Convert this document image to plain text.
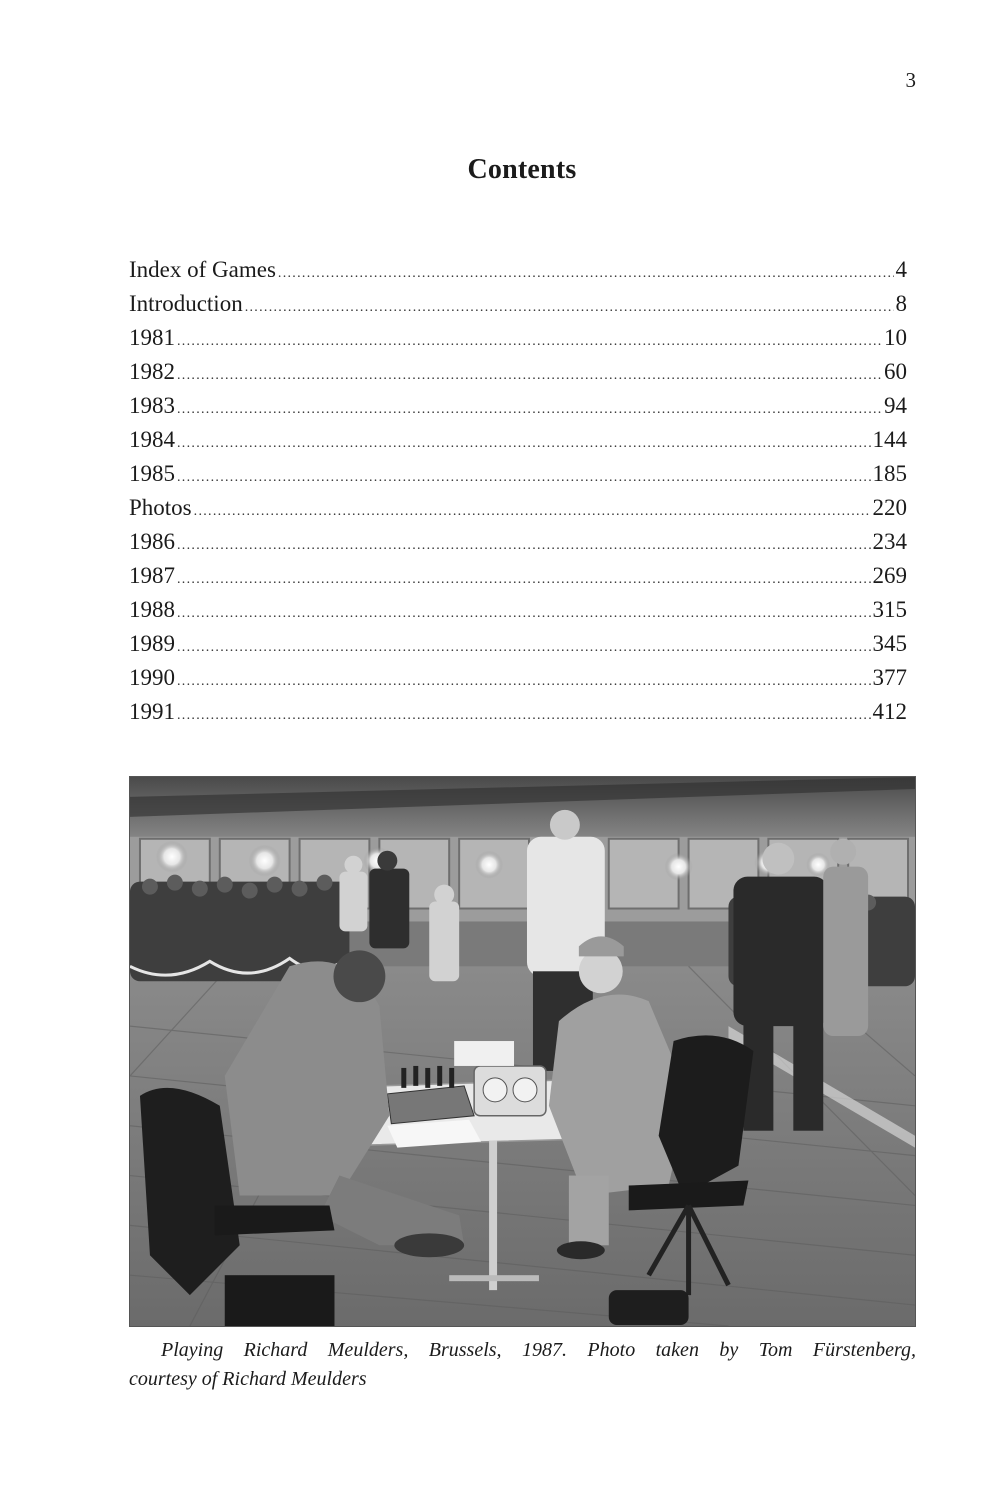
3
Contents
Index of Games .....	4
Introduction .....	8
1981 .....	10
1982 .....	60
1983 .....	94
1984 .....	144
1985 .....	185
Photos .....	220
1986 .....	234
1987 .....	269
1988 .....	315
1989 .....	345
1990 .....	377
1991 .....	412

Playing Richard Meulders, Brussels, 1987. Photo taken by Tom Fürstenberg,
courtesy of Richard Meulders
